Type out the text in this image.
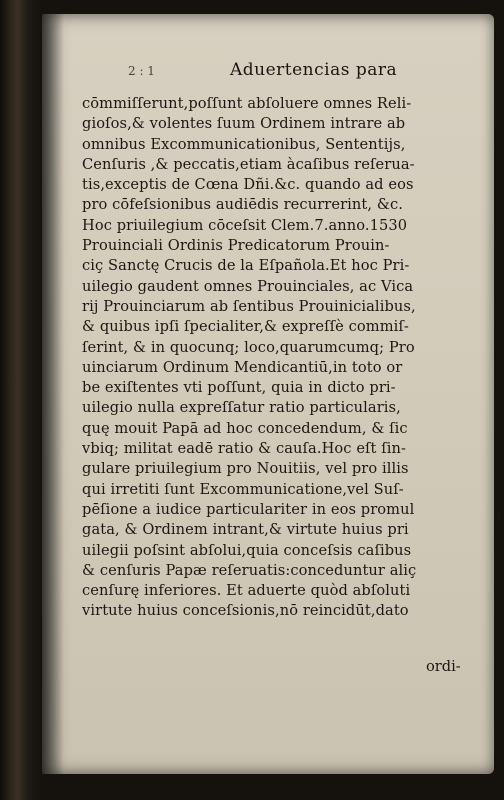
2 : 1	Aduertencias para
cōmmiſſerunt,poſſunt abſoluere omnes Reli-
gioſos,& volentes ſuum Ordinem intrare ab
omnibus Excommunicationibus, Sententijs,
Cenſuris ,& peccatis,etiam àcaſibus reſerua-
tis,exceptis de Cœna Dñi.&c. quando ad eos
pro cōfeſsionibus audiēdis recurrerint, &c.
Hoc priuilegium cōceſsit Clem.7.anno.1530
Prouinciali Ordinis Predicatorum Prouin-
ciç Sanctę Crucis de la Eſpañola.Et hoc Pri-
uilegio gaudent omnes Prouinciales, ac Vica
rij Prouinciarum ab ſentibus Prouinicialibus,
& quibus ipſi ſpecialiter,& expreſſè commiſ-
ſerint, & in quocunq; loco,quarumcumq; Pro
uinciarum Ordinum Mendicantiū,in toto or
be exiſtentes vti poſſunt, quia in dicto pri-
uilegio nulla expreſſatur ratio particularis,
quę mouit Papā ad hoc concedendum, & ſic
vbiq; militat eadē ratio & cauſa.Hoc eſt ſin-
gulare priuilegium pro Nouitiis, vel pro illis
qui irretiti ſunt Excommunicatione,vel Suſ-
pēſione a iudice particulariter in eos promul
gata, & Ordinem intrant,& virtute huius pri
uilegii poſsint abſolui,quia conceſsis caſibus
& cenſuris Papæ reſeruatis:conceduntur aliç
cenſurę inferiores. Et aduerte quòd abſoluti
virtute huius conceſsionis,nō reincidūt,dato
ordi-
